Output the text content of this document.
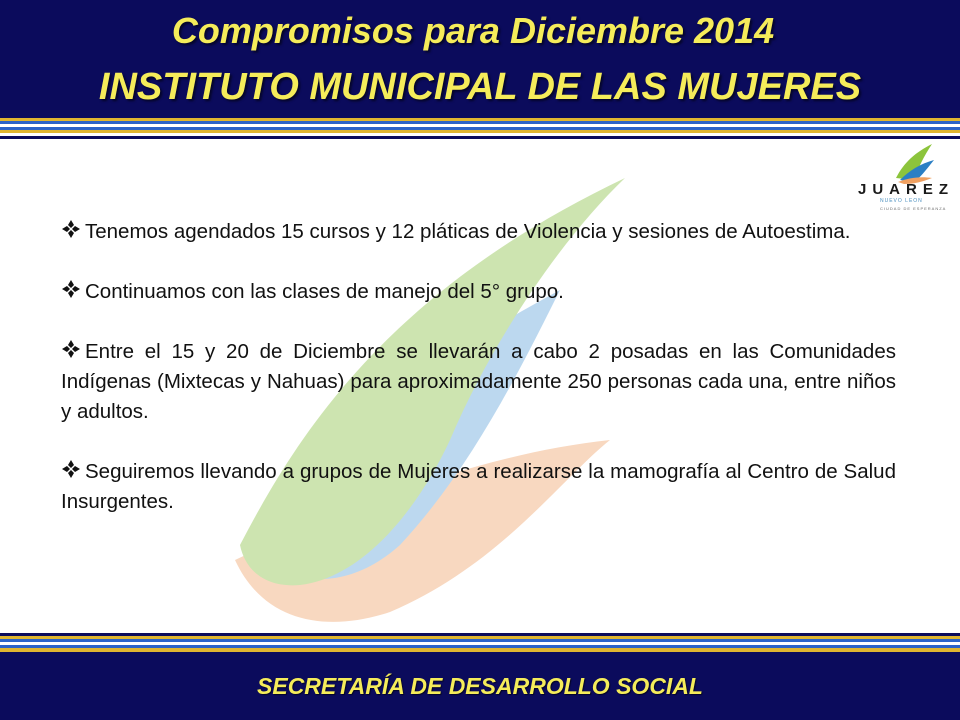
Compromisos para Diciembre 2014
INSTITUTO MUNICIPAL DE LAS MUJERES
JUAREZ
NUEVO LEON
CIUDAD DE ESPERANZA

Tenemos agendados 15 cursos y 12 pláticas de Violencia y sesiones de Autoestima.

Continuamos con las clases de manejo del 5° grupo.

Entre el 15 y 20 de Diciembre se llevarán a cabo 2 posadas en las Comunidades Indígenas (Mixtecas y Nahuas) para aproximadamente 250 personas cada una, entre niños y adultos.

Seguiremos llevando a grupos de Mujeres a realizarse la mamografía al Centro de Salud Insurgentes.

SECRETARÍA DE DESARROLLO SOCIAL
